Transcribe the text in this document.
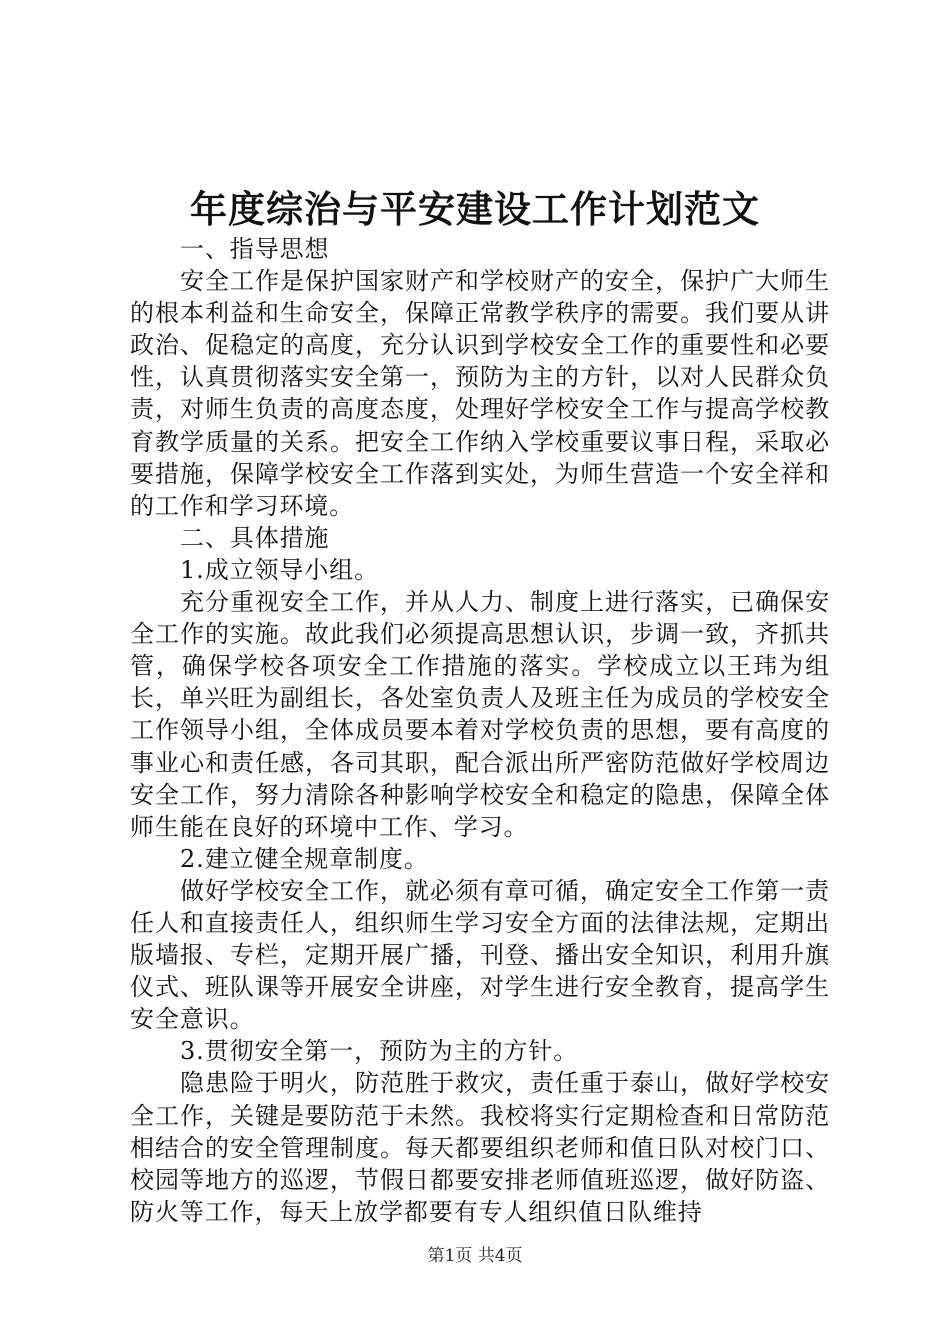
年度综治与平安建设工作计划范文

一、指导思想

安全工作是保护国家财产和学校财产的安全，保护广大师生的根本利益和生命安全，保障正常教学秩序的需要。我们要从讲政治、促稳定的高度，充分认识到学校安全工作的重要性和必要性，认真贯彻落实安全第一，预防为主的方针，以对人民群众负责，对师生负责的高度态度，处理好学校安全工作与提高学校教育教学质量的关系。把安全工作纳入学校重要议事日程，采取必要措施，保障学校安全工作落到实处，为师生营造一个安全祥和的工作和学习环境。

二、具体措施

1.成立领导小组。

充分重视安全工作，并从人力、制度上进行落实，已确保安全工作的实施。故此我们必须提高思想认识，步调一致，齐抓共管，确保学校各项安全工作措施的落实。学校成立以王玮为组长，单兴旺为副组长，各处室负责人及班主任为成员的学校安全工作领导小组，全体成员要本着对学校负责的思想，要有高度的事业心和责任感，各司其职，配合派出所严密防范做好学校周边安全工作，努力清除各种影响学校安全和稳定的隐患，保障全体师生能在良好的环境中工作、学习。

2.建立健全规章制度。

做好学校安全工作，就必须有章可循，确定安全工作第一责任人和直接责任人，组织师生学习安全方面的法律法规，定期出版墙报、专栏，定期开展广播，刊登、播出安全知识，利用升旗仪式、班队课等开展安全讲座，对学生进行安全教育，提高学生安全意识。

3.贯彻安全第一，预防为主的方针。

隐患险于明火，防范胜于救灾，责任重于泰山，做好学校安全工作，关键是要防范于未然。我校将实行定期检查和日常防范相结合的安全管理制度。每天都要组织老师和值日队对校门口、校园等地方的巡逻，节假日都要安排老师值班巡逻，做好防盗、防火等工作，每天上放学都要有专人组织值日队维持

第1页 共4页
